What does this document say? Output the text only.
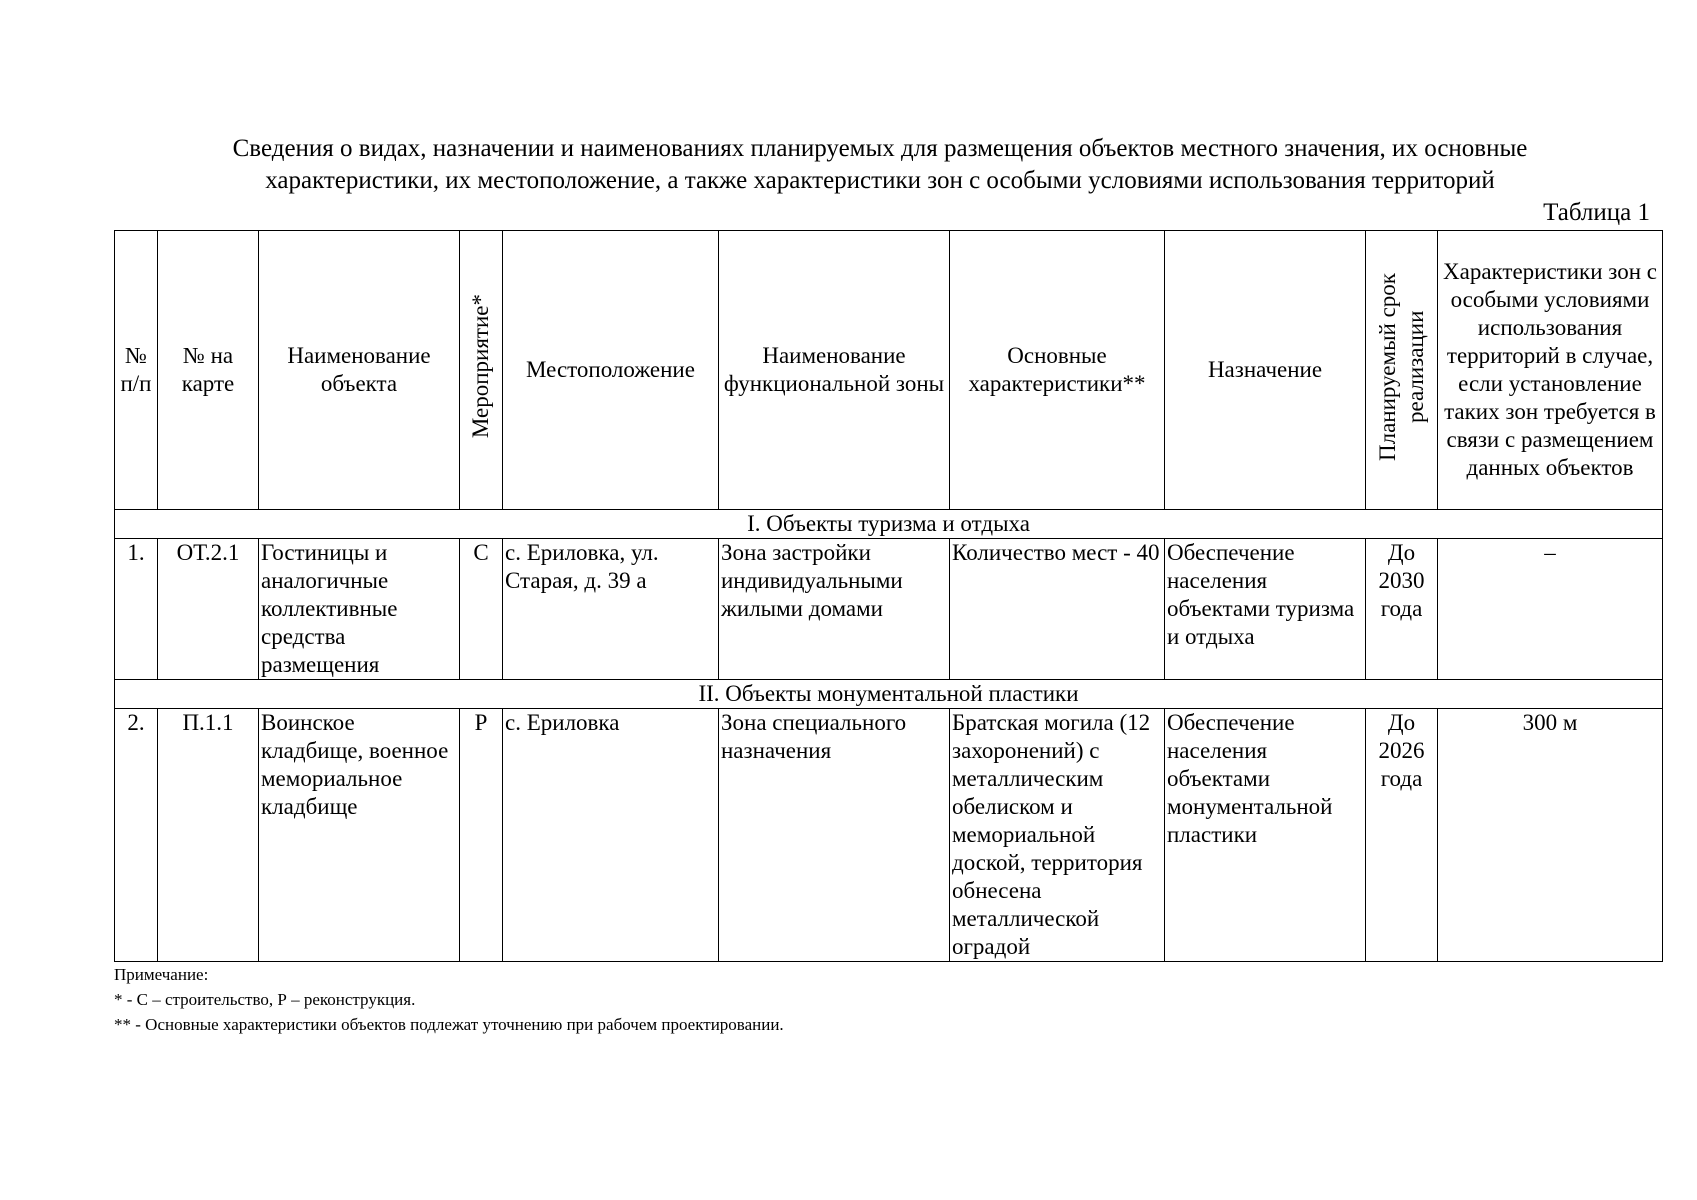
Сведения о видах, назначении и наименованиях планируемых для размещения объектов местного значения, их основные
характеристики, их местоположение, а также характеристики зон с особыми условиями использования территорий
Таблица 1
№ п/п	№ на карте	Наименование объекта	Мероприятие*	Местоположение	Наименование функциональной зоны	Основные характеристики**	Назначение	Планируемый срок реализации	Характеристики зон с особыми условиями использования территорий в случае, если установление таких зон требуется в связи с размещением данных объектов
I. Объекты туризма и отдыха									
1.	ОТ.2.1	Гостиницы и аналогичные коллективные средства размещения	С	с. Ериловка, ул. Старая, д. 39 а	Зона застройки индивидуальными жилыми домами	Количество мест - 40	Обеспечение населения объектами туризма и отдыха	До 2030 года	–
II. Объекты монументальной пластики									
2.	П.1.1	Воинское кладбище, военное мемориальное кладбище	Р	с. Ериловка	Зона специального назначения	Братская могила (12 захоронений) с металлическим обелиском и мемориальной доской, территория обнесена металлической оградой	Обеспечение населения объектами монументальной пластики	До 2026 года	300 м
Примечание:
* - С – строительство, Р – реконструкция.
** - Основные характеристики объектов подлежат уточнению при рабочем проектировании.
